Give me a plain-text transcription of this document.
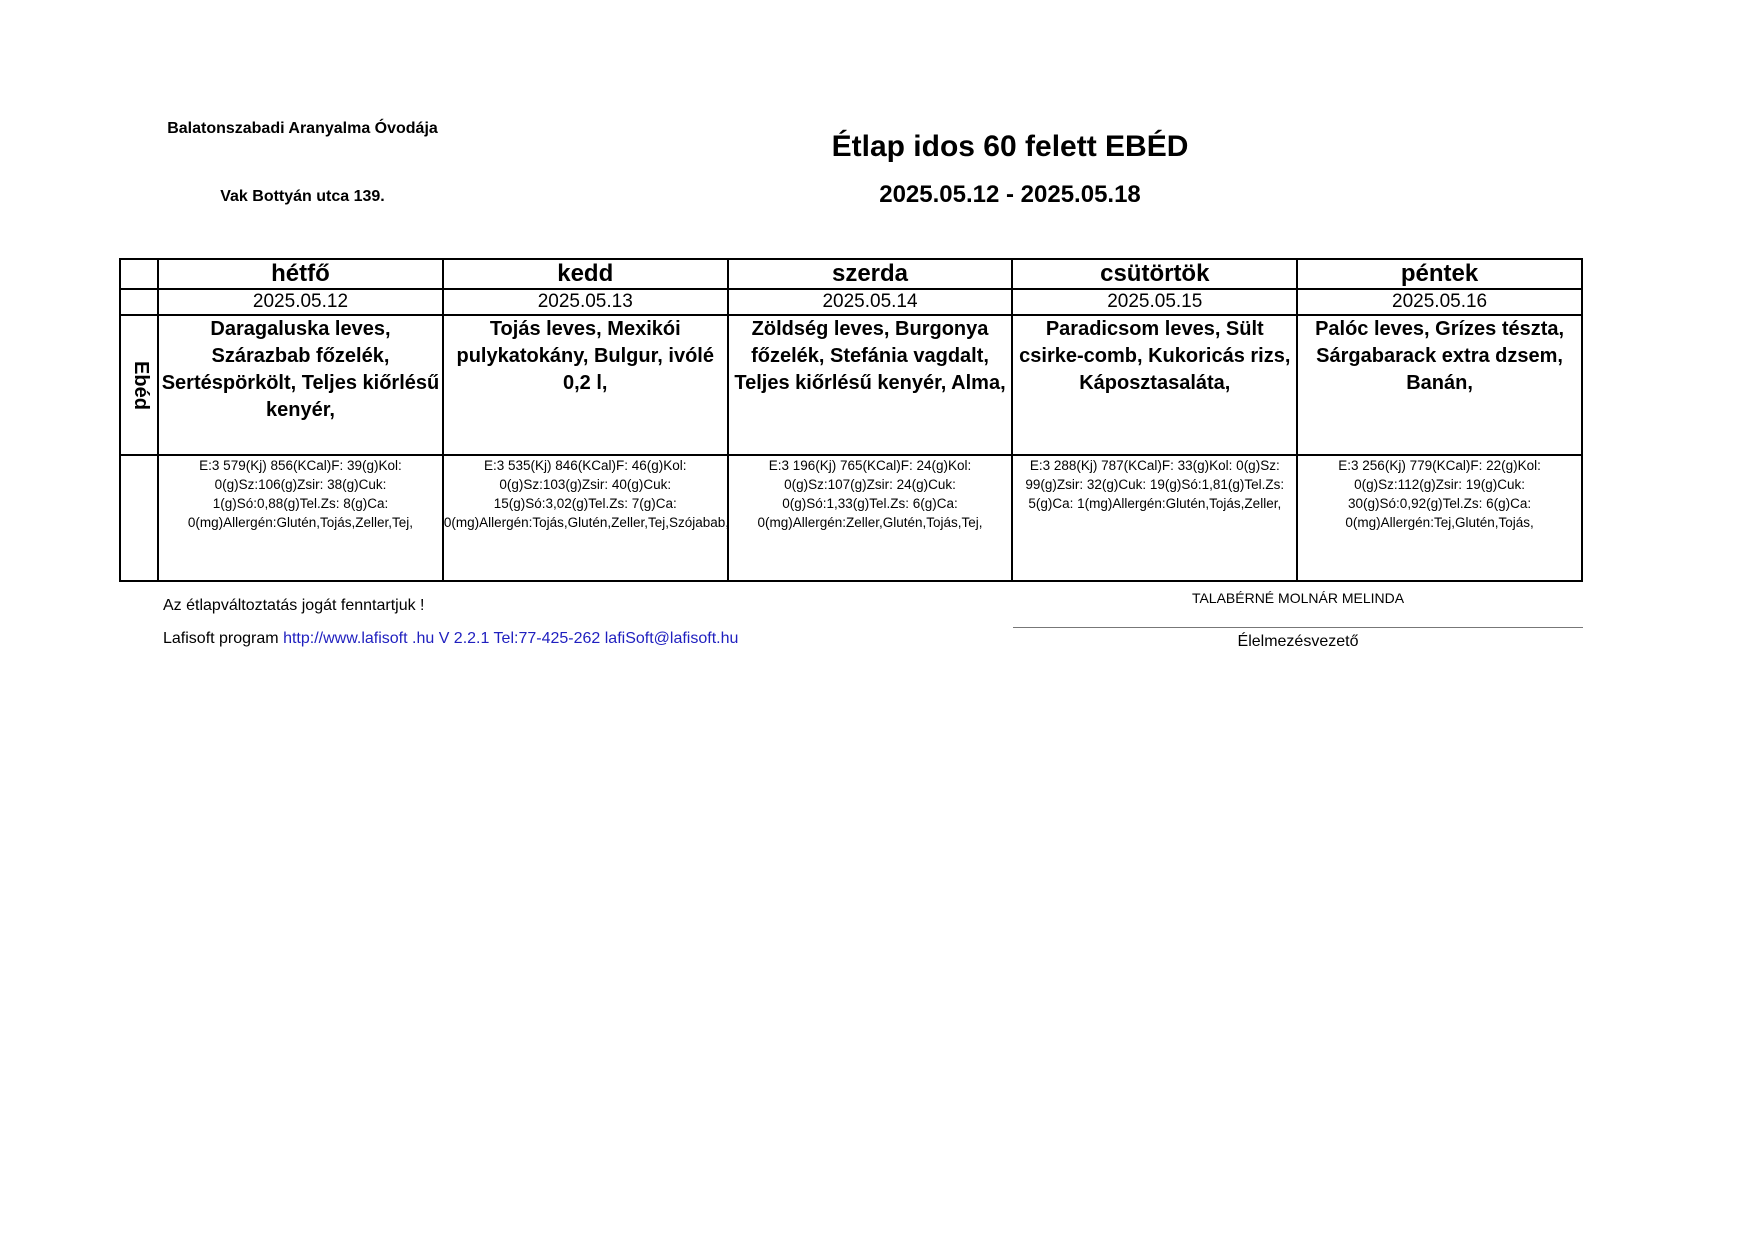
Balatonszabadi Aranyalma Óvodája
Vak Bottyán utca 139.
Étlap idos 60 felett EBÉD
2025.05.12 - 2025.05.18
	hétfő	kedd	szerda	csütörtök	péntek
	2025.05.12	2025.05.13	2025.05.14	2025.05.15	2025.05.16

Ebéd	Daragaluska leves, Szárazbab főzelék, Sertéspörkölt, Teljes kiőrlésű kenyér,	Tojás leves, Mexikói pulykatokány, Bulgur, ivólé 0,2 l,	Zöldség leves, Burgonya főzelék, Stefánia vagdalt, Teljes kiőrlésű kenyér, Alma,	Paradicsom leves, Sült csirke-comb, Kukoricás rizs, Káposztasaláta,	Palóc leves, Grízes tészta, Sárgabarack extra dzsem, Banán,
	E:3 579(Kj) 856(KCal)F: 39(g)Kol: 0(g)Sz:106(g)Zsir: 38(g)Cuk: 1(g)Só:0,88(g)Tel.Zs: 8(g)Ca: 0(mg)Allergén:Glutén,Tojás,Zeller,Tej,	E:3 535(Kj) 846(KCal)F: 46(g)Kol: 0(g)Sz:103(g)Zsir: 40(g)Cuk: 15(g)Só:3,02(g)Tel.Zs: 7(g)Ca: 0(mg)Allergén:Tojás,Glutén,Zeller,Tej,Szójabab,	E:3 196(Kj) 765(KCal)F: 24(g)Kol: 0(g)Sz:107(g)Zsir: 24(g)Cuk: 0(g)Só:1,33(g)Tel.Zs: 6(g)Ca: 0(mg)Allergén:Zeller,Glutén,Tojás,Tej,	E:3 288(Kj) 787(KCal)F: 33(g)Kol: 0(g)Sz: 99(g)Zsir: 32(g)Cuk: 19(g)Só:1,81(g)Tel.Zs: 5(g)Ca: 1(mg)Allergén:Glutén,Tojás,Zeller,	E:3 256(Kj) 779(KCal)F: 22(g)Kol: 0(g)Sz:112(g)Zsir: 19(g)Cuk: 30(g)Só:0,92(g)Tel.Zs: 6(g)Ca: 0(mg)Allergén:Tej,Glutén,Tojás,
Az étlapváltoztatás jogát fenntartjuk !
Lafisoft program http://www.lafisoft .hu V 2.2.1 Tel:77-425-262 lafiSoft@lafisoft.hu
TALABÉRNÉ MOLNÁR MELINDA
Élelmezésvezető
